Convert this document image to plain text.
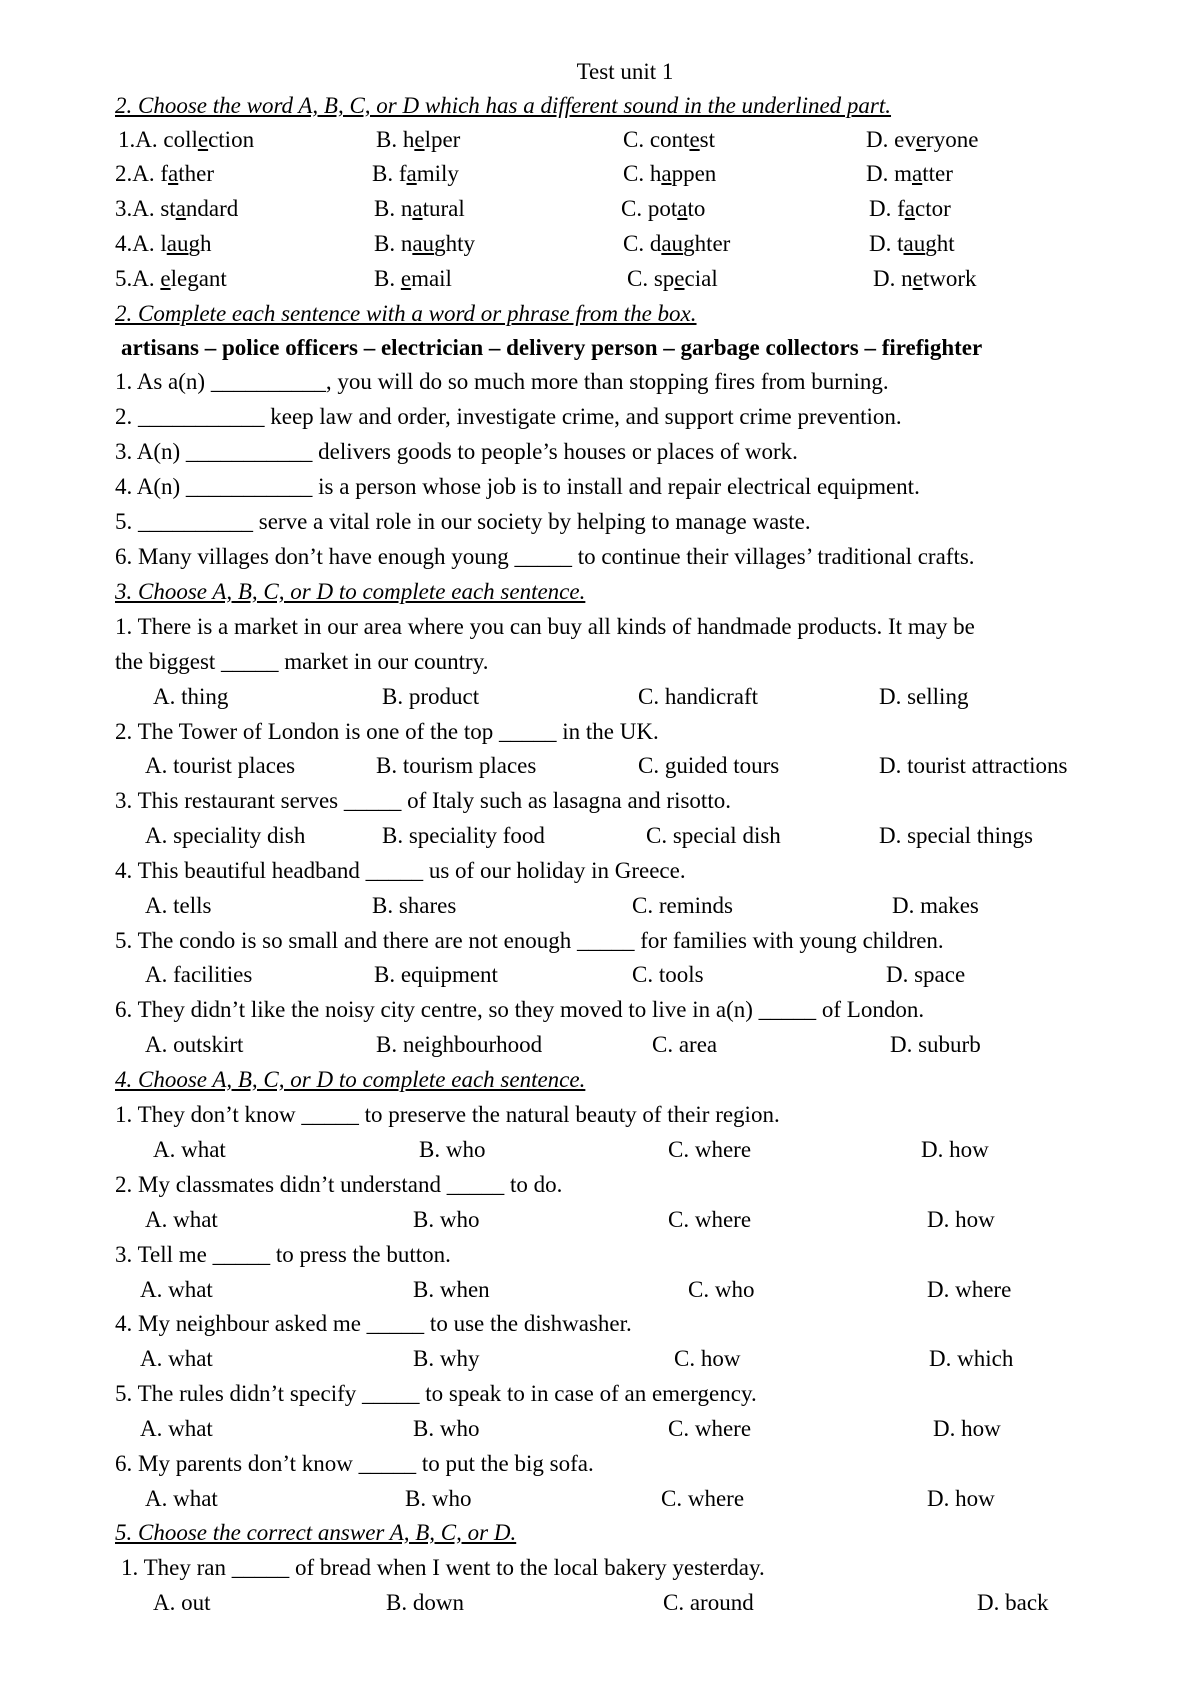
Test unit 1
2. Choose the word A, B, C, or D which has a different sound in the underlined part.
1.A. collection	B. helper	C. contest	D. everyone
2.A. father	B. family	C. happen	D. matter
3.A. standard	B. natural	C. potato	D. factor
4.A. laugh	B. naughty	C. daughter	D. taught
5.A. elegant	B. email	C. special	D. network
2. Complete each sentence with a word or phrase from the box.
artisans – police officers – electrician – delivery person – garbage collectors – firefighter
1. As a(n) __________, you will do so much more than stopping fires from burning.
2. ___________ keep law and order, investigate crime, and support crime prevention.
3. A(n) ___________ delivers goods to people’s houses or places of work.
4. A(n) ___________ is a person whose job is to install and repair electrical equipment.
5. __________ serve a vital role in our society by helping to manage waste.
6. Many villages don’t have enough young _____ to continue their villages’ traditional crafts.
3. Choose A, B, C, or D to complete each sentence.
1. There is a market in our area where you can buy all kinds of handmade products. It may be
the biggest _____ market in our country.
A. thing	B. product	C. handicraft	D. selling
2. The Tower of London is one of the top _____ in the UK.
A. tourist places	B. tourism places	C. guided tours	D. tourist attractions
3. This restaurant serves _____ of Italy such as lasagna and risotto.
A. speciality dish	B. speciality food	C. special dish	D. special things
4. This beautiful headband _____ us of our holiday in Greece.
A. tells	B. shares	C. reminds	D. makes
5. The condo is so small and there are not enough _____ for families with young children.
A. facilities	B. equipment	C. tools	D. space
6. They didn’t like the noisy city centre, so they moved to live in a(n) _____ of London.
A. outskirt	B. neighbourhood	C. area	D. suburb
4. Choose A, B, C, or D to complete each sentence.
1. They don’t know _____ to preserve the natural beauty of their region.
A. what	B. who	C. where	D. how
2. My classmates didn’t understand _____ to do.
A. what	B. who	C. where	D. how
3. Tell me _____ to press the button.
A. what	B. when	C. who	D. where
4. My neighbour asked me _____ to use the dishwasher.
A. what	B. why	C. how	D. which
5. The rules didn’t specify _____ to speak to in case of an emergency.
A. what	B. who	C. where	D. how
6. My parents don’t know _____ to put the big sofa.
A. what	B. who	C. where	D. how
5. Choose the correct answer A, B, C, or D.
1. They ran _____ of bread when I went to the local bakery yesterday.
A. out	B. down	C. around	D. back
